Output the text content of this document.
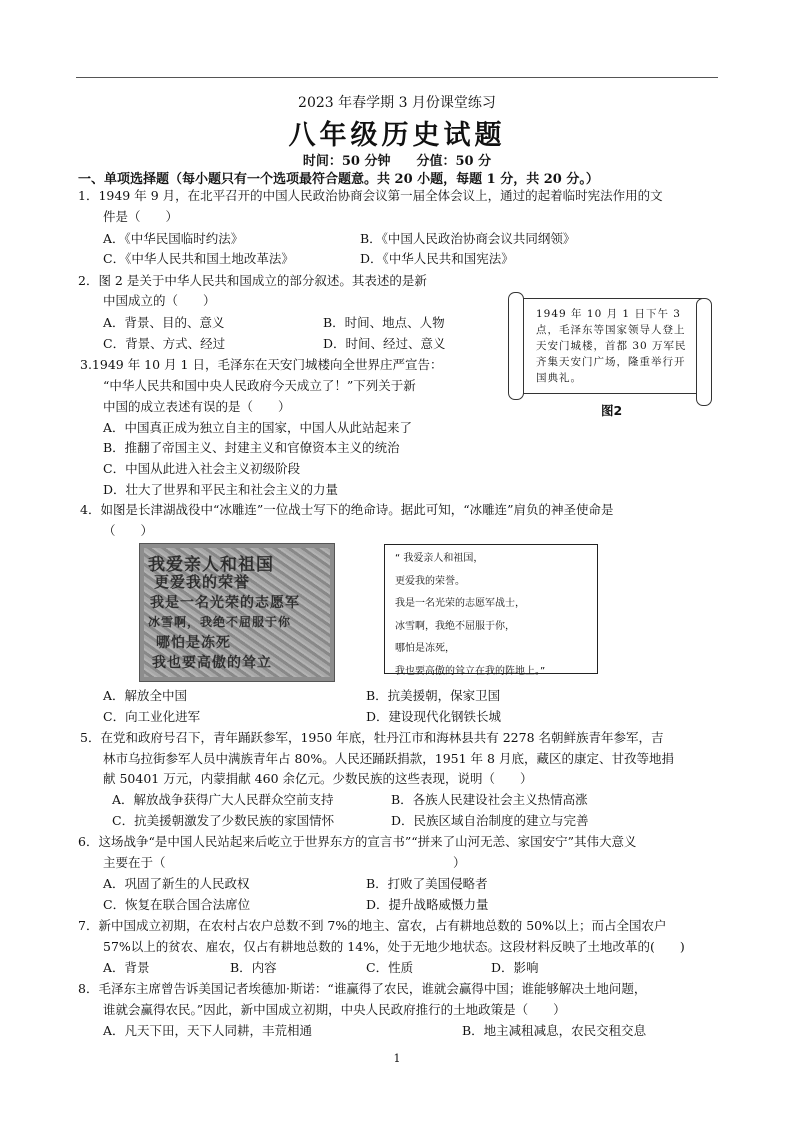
2023 年春学期 3 月份课堂练习
八年级历史试题
时间：50 分钟　　分值：50 分
一、单项选择题（每小题只有一个选项最符合题意。共 20 小题，每题 1 分，共 20 分。）
1．1949 年 9 月，在北平召开的中国人民政治协商会议第一届全体会议上，通过的起着临时宪法作用的文
件是（　　）
A．《中华民国临时约法》	B．《中国人民政治协商会议共同纲领》
C．《中华人民共和国土地改革法》	D．《中华人民共和国宪法》
2．图 2 是关于中华人民共和国成立的部分叙述。其表述的是新
中国成立的（　　）
A．背景、目的、意义	B．时间、地点、人物
C．背景、方式、经过	D．时间、经过、意义
1949 年 10 月 1 日下午 3 点，毛泽东等国家领导人登上天安门城楼，首都 30 万军民齐集天安门广场，隆重举行开国典礼。
图2
3.1949 年 10 月 1 日，毛泽东在天安门城楼向全世界庄严宣告：
“中华人民共和国中央人民政府今天成立了！”下列关于新
中国的成立表述有误的是（　　）
A．中国真正成为独立自主的国家，中国人从此站起来了
B．推翻了帝国主义、封建主义和官僚资本主义的统治
C．中国从此进入社会主义初级阶段
D．壮大了世界和平民主和社会主义的力量
4．如图是长津湖战役中“冰雕连”一位战士写下的绝命诗。据此可知，“冰雕连”肩负的神圣使命是
（　　）
我爱亲人和祖国
更爱我的荣誉
我是一名光荣的志愿军
冰雪啊，我绝不屈服于你
哪怕是冻死
我也要高傲的耸立
“ 我爱亲人和祖国，
更爱我的荣誉。
我是一名光荣的志愿军战士，
冰雪啊，我绝不屈服于你，
哪怕是冻死，
我也要高傲的耸立在我的阵地上。”
A．解放全中国	B．抗美援朝，保家卫国
C．向工业化进军	D．建设现代化钢铁长城
5．在党和政府号召下，青年踊跃参军，1950 年底，牡丹江市和海林县共有 2278 名朝鲜族青年参军，吉
林市乌拉街参军人员中满族青年占 80%。人民还踊跃捐款，1951 年 8 月底，藏区的康定、甘孜等地捐
献 50401 万元，内蒙捐献 460 余亿元。少数民族的这些表现，说明（　　）
A．解放战争获得广大人民群众空前支持	B．各族人民建设社会主义热情高涨
C．抗美援朝激发了少数民族的家国情怀	D．民族区域自治制度的建立与完善
6．这场战争“是中国人民站起来后屹立于世界东方的宣言书”“拼来了山河无恙、家国安宁”其伟大意义
主要在于（　　　　　　　　　　　　　　　　　　　　　　　）
A．巩固了新生的人民政权	B．打败了美国侵略者
C．恢复在联合国合法席位	D．提升战略威慑力量
7．新中国成立初期，在农村占农户总数不到 7%的地主、富农，占有耕地总数的 50%以上；而占全国农户
57%以上的贫农、雇农，仅占有耕地总数的 14%，处于无地少地状态。这段材料反映了土地改革的(　　)
A．背景	B．内容	C．性质	D．影响
8．毛泽东主席曾告诉美国记者埃德加·斯诺：“谁赢得了农民，谁就会赢得中国；谁能够解决土地问题，
谁就会赢得农民。”因此，新中国成立初期，中央人民政府推行的土地政策是（　　）
A．凡天下田，天下人同耕，丰荒相通	B．地主减租减息，农民交租交息
1
